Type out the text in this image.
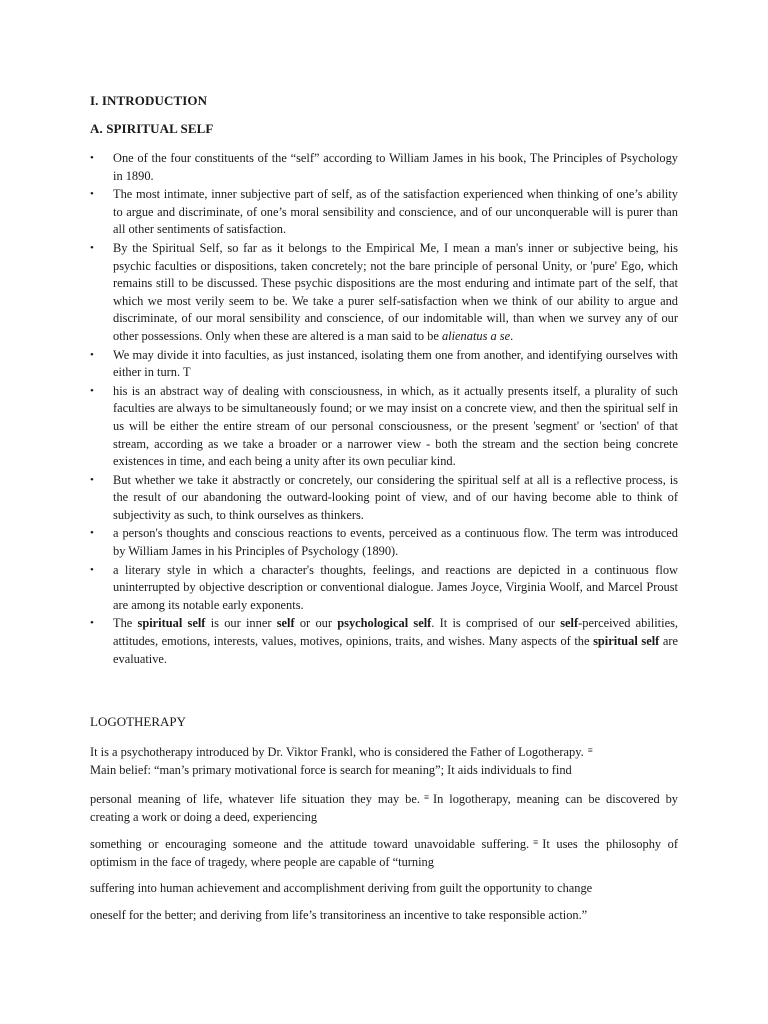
I. INTRODUCTION
A. SPIRITUAL SELF
• One of the four constituents of the “self” according to William James in his book, The Principles of Psychology in 1890.
• The most intimate, inner subjective part of self, as of the satisfaction experienced when thinking of one’s ability to argue and discriminate, of one’s moral sensibility and conscience, and of our unconquerable will is purer than all other sentiments of satisfaction.
• By the Spiritual Self, so far as it belongs to the Empirical Me, I mean a man's inner or subjective being, his psychic faculties or dispositions, taken concretely; not the bare principle of personal Unity, or 'pure' Ego, which remains still to be discussed. These psychic dispositions are the most enduring and intimate part of the self, that which we most verily seem to be. We take a purer self-satisfaction when we think of our ability to argue and discriminate, of our moral sensibility and conscience, of our indomitable will, than when we survey any of our other possessions. Only when these are altered is a man said to be alienatus a se.
• We may divide it into faculties, as just instanced, isolating them one from another, and identifying ourselves with either in turn. T
• his is an abstract way of dealing with consciousness, in which, as it actually presents itself, a plurality of such faculties are always to be simultaneously found; or we may insist on a concrete view, and then the spiritual self in us will be either the entire stream of our personal consciousness, or the present 'segment' or 'section' of that stream, according as we take a broader or a narrower view - both the stream and the section being concrete existences in time, and each being a unity after its own peculiar kind.
• But whether we take it abstractly or concretely, our considering the spiritual self at all is a reflective process, is the result of our abandoning the outward-looking point of view, and of our having become able to think of subjectivity as such, to think ourselves as thinkers.
• a person's thoughts and conscious reactions to events, perceived as a continuous flow. The term was introduced by William James in his Principles of Psychology (1890).
• a literary style in which a character's thoughts, feelings, and reactions are depicted in a continuous flow uninterrupted by objective description or conventional dialogue. James Joyce, Virginia Woolf, and Marcel Proust are among its notable early exponents.
• The spiritual self is our inner self or our psychological self. It is comprised of our self-perceived abilities, attitudes, emotions, interests, values, motives, opinions, traits, and wishes. Many aspects of the spiritual self are evaluative.
LOGOTHERAPY
It is a psychotherapy introduced by Dr. Viktor Frankl, who is considered the Father of Logotherapy. ≡
Main belief: “man’s primary motivational force is search for meaning”; It aids individuals to find
personal meaning of life, whatever life situation they may be. ≡ In logotherapy, meaning can be discovered by creating a work or doing a deed, experiencing
something or encouraging someone and the attitude toward unavoidable suffering. ≡ It uses the philosophy of optimism in the face of tragedy, where people are capable of “turning
suffering into human achievement and accomplishment deriving from guilt the opportunity to change
oneself for the better; and deriving from life’s transitoriness an incentive to take responsible action.”
